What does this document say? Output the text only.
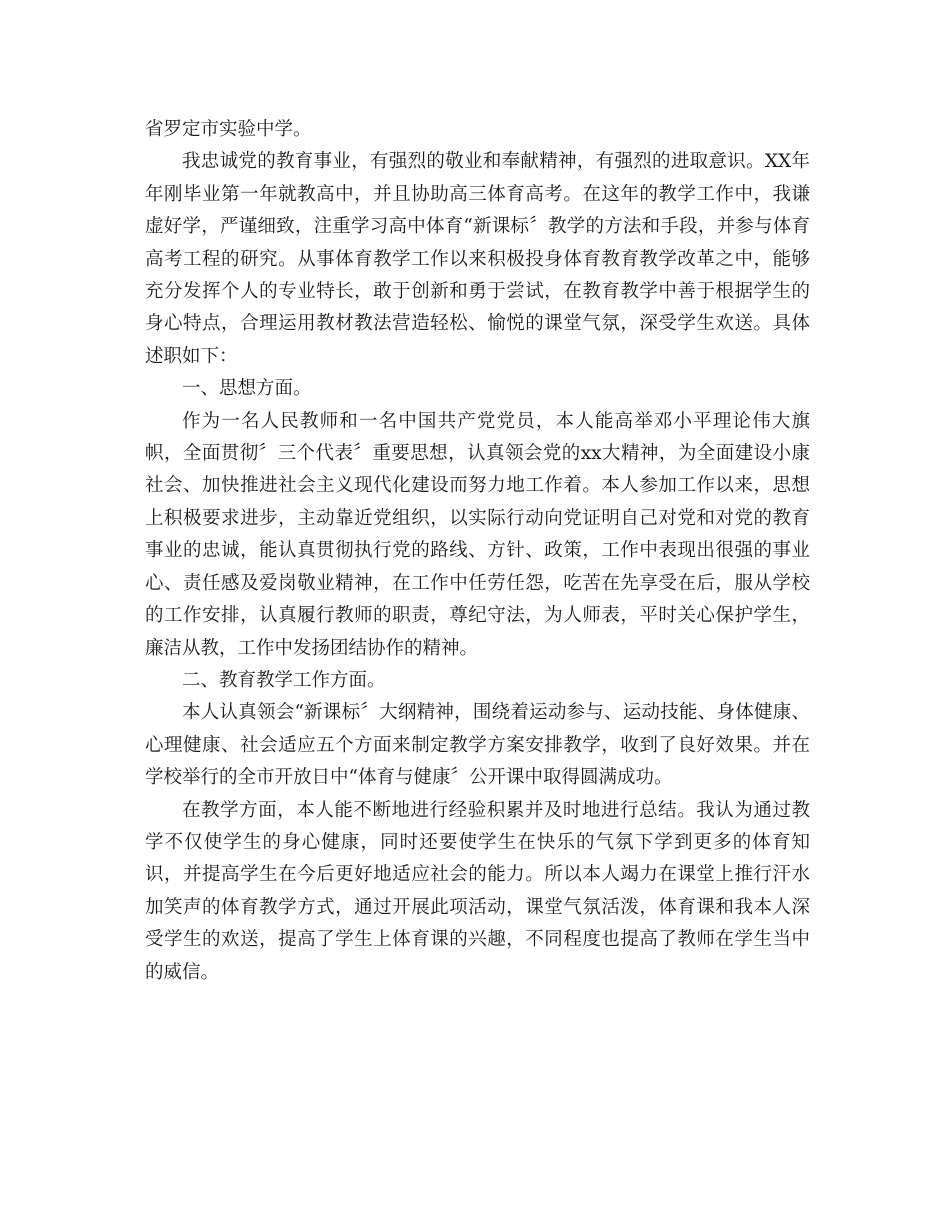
省罗定市实验中学。

我忠诚党的教育事业，有强烈的敬业和奉献精神，有强烈的进取意识。XX年年刚毕业第一年就教高中，并且协助高三体育高考。在这年的教学工作中，我谦虚好学，严谨细致，注重学习高中体育“新课标〞教学的方法和手段，并参与体育高考工程的研究。从事体育教学工作以来积极投身体育教育教学改革之中，能够充分发挥个人的专业特长，敢于创新和勇于尝试，在教育教学中善于根据学生的身心特点，合理运用教材教法营造轻松、愉悦的课堂气氛，深受学生欢送。具体述职如下：

一、思想方面。

作为一名人民教师和一名中国共产党党员，本人能高举邓小平理论伟大旗帜，全面贯彻〞三个代表〞重要思想，认真领会党的xx大精神，为全面建设小康社会、加快推进社会主义现代化建设而努力地工作着。本人参加工作以来，思想上积极要求进步，主动靠近党组织，以实际行动向党证明自己对党和对党的教育事业的忠诚，能认真贯彻执行党的路线、方针、政策，工作中表现出很强的事业心、责任感及爱岗敬业精神，在工作中任劳任怨，吃苦在先享受在后，服从学校的工作安排，认真履行教师的职责，尊纪守法，为人师表，平时关心保护学生，廉洁从教，工作中发扬团结协作的精神。

二、教育教学工作方面。

本人认真领会“新课标〞大纲精神，围绕着运动参与、运动技能、身体健康、心理健康、社会适应五个方面来制定教学方案安排教学，收到了良好效果。并在学校举行的全市开放日中“体育与健康〞公开课中取得圆满成功。

在教学方面，本人能不断地进行经验积累并及时地进行总结。我认为通过教学不仅使学生的身心健康，同时还要使学生在快乐的气氛下学到更多的体育知识，并提高学生在今后更好地适应社会的能力。所以本人竭力在课堂上推行汗水加笑声的体育教学方式，通过开展此项活动，课堂气氛活泼，体育课和我本人深受学生的欢送，提高了学生上体育课的兴趣，不同程度也提高了教师在学生当中的威信。
